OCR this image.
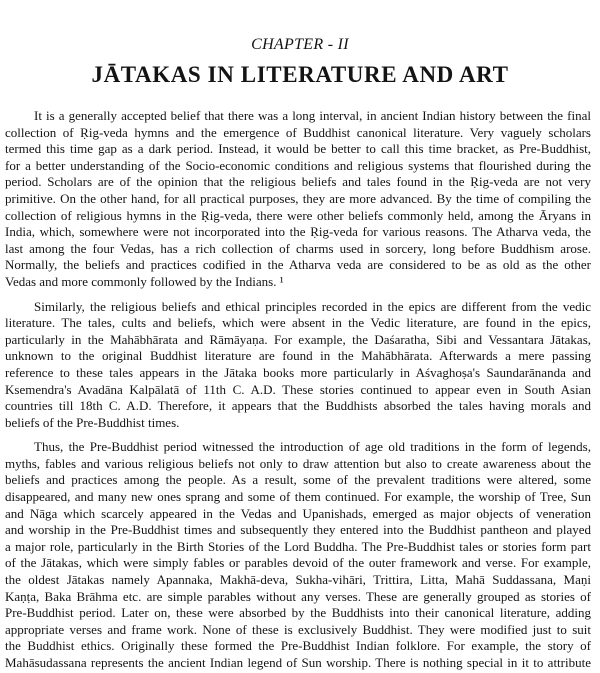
CHAPTER - II
JĀTAKAS IN LITERATURE AND ART
It is a generally accepted belief that there was a long interval, in ancient Indian history between the final
collection of Ṛig-veda hymns and the emergence of Buddhist canonical literature. Very vaguely scholars
termed this time gap as a dark period. Instead, it would be better to call this time bracket, as Pre-Buddhist,
for a better understanding of the Socio-economic conditions and religious systems that flourished during the
period. Scholars are of the opinion that the religious beliefs and tales found in the Ṛig-veda are not very
primitive. On the other hand, for all practical purposes, they are more advanced. By the time of compiling the
collection of religious hymns in the Ṛig-veda, there were other beliefs commonly held, among the Āryans in
India, which, somewhere were not incorporated into the Ṛig-veda for various reasons. The Atharva veda, the
last among the four Vedas, has a rich collection of charms used in sorcery, long before Buddhism arose.
Normally, the beliefs and practices codified in the Atharva veda are considered to be as old as the other
Vedas and more commonly followed by the Indians. ¹
Similarly, the religious beliefs and ethical principles recorded in the epics are different from the vedic
literature. The tales, cults and beliefs, which were absent in the Vedic literature, are found in the epics,
particularly in the Mahābhārata and Rāmāyaṇa. For example, the Daśaratha, Sibi and Vessantara Jātakas,
unknown to the original Buddhist literature are found in the Mahābhārata. Afterwards a mere passing
reference to these tales appears in the Jātaka books more particularly in Aśvaghoṣa's Saundarānanda and
Ksemendra's Avadāna Kalpālatā of 11th C. A.D. These stories continued to appear even in South Asian
countries till 18th C. A.D. Therefore, it appears that the Buddhists absorbed the tales having morals and
beliefs of the Pre-Buddhist times.
Thus, the Pre-Buddhist period witnessed the introduction of age old traditions in the form of legends,
myths, fables and various religious beliefs not only to draw attention but also to create awareness about the
beliefs and practices among the people. As a result, some of the prevalent traditions were altered, some
disappeared, and many new ones sprang and some of them continued. For example, the worship of Tree, Sun
and Nāga which scarcely appeared in the Vedas and Upanishads, emerged as major objects of veneration
and worship in the Pre-Buddhist times and subsequently they entered into the Buddhist pantheon and played
a major role, particularly in the Birth Stories of the Lord Buddha. The Pre-Buddhist tales or stories form part
of the Jātakas, which were simply fables or parables devoid of the outer framework and verse. For example,
the oldest Jātakas namely Apannaka, Makhā-deva, Sukha-vihāri, Trittira, Litta, Mahā Suddassana, Maṇi
Kaṇṭa, Baka Brāhma etc. are simple parables without any verses. These are generally grouped as stories of
Pre-Buddhist period. Later on, these were absorbed by the Buddhists into their canonical literature, adding
appropriate verses and frame work. None of these is exclusively Buddhist. They were modified just to suit
the Buddhist ethics. Originally these formed the Pre-Buddhist Indian folklore. For example, the story of
Mahāsudassana represents the ancient Indian legend of Sun worship. There is nothing special in it to attribute
